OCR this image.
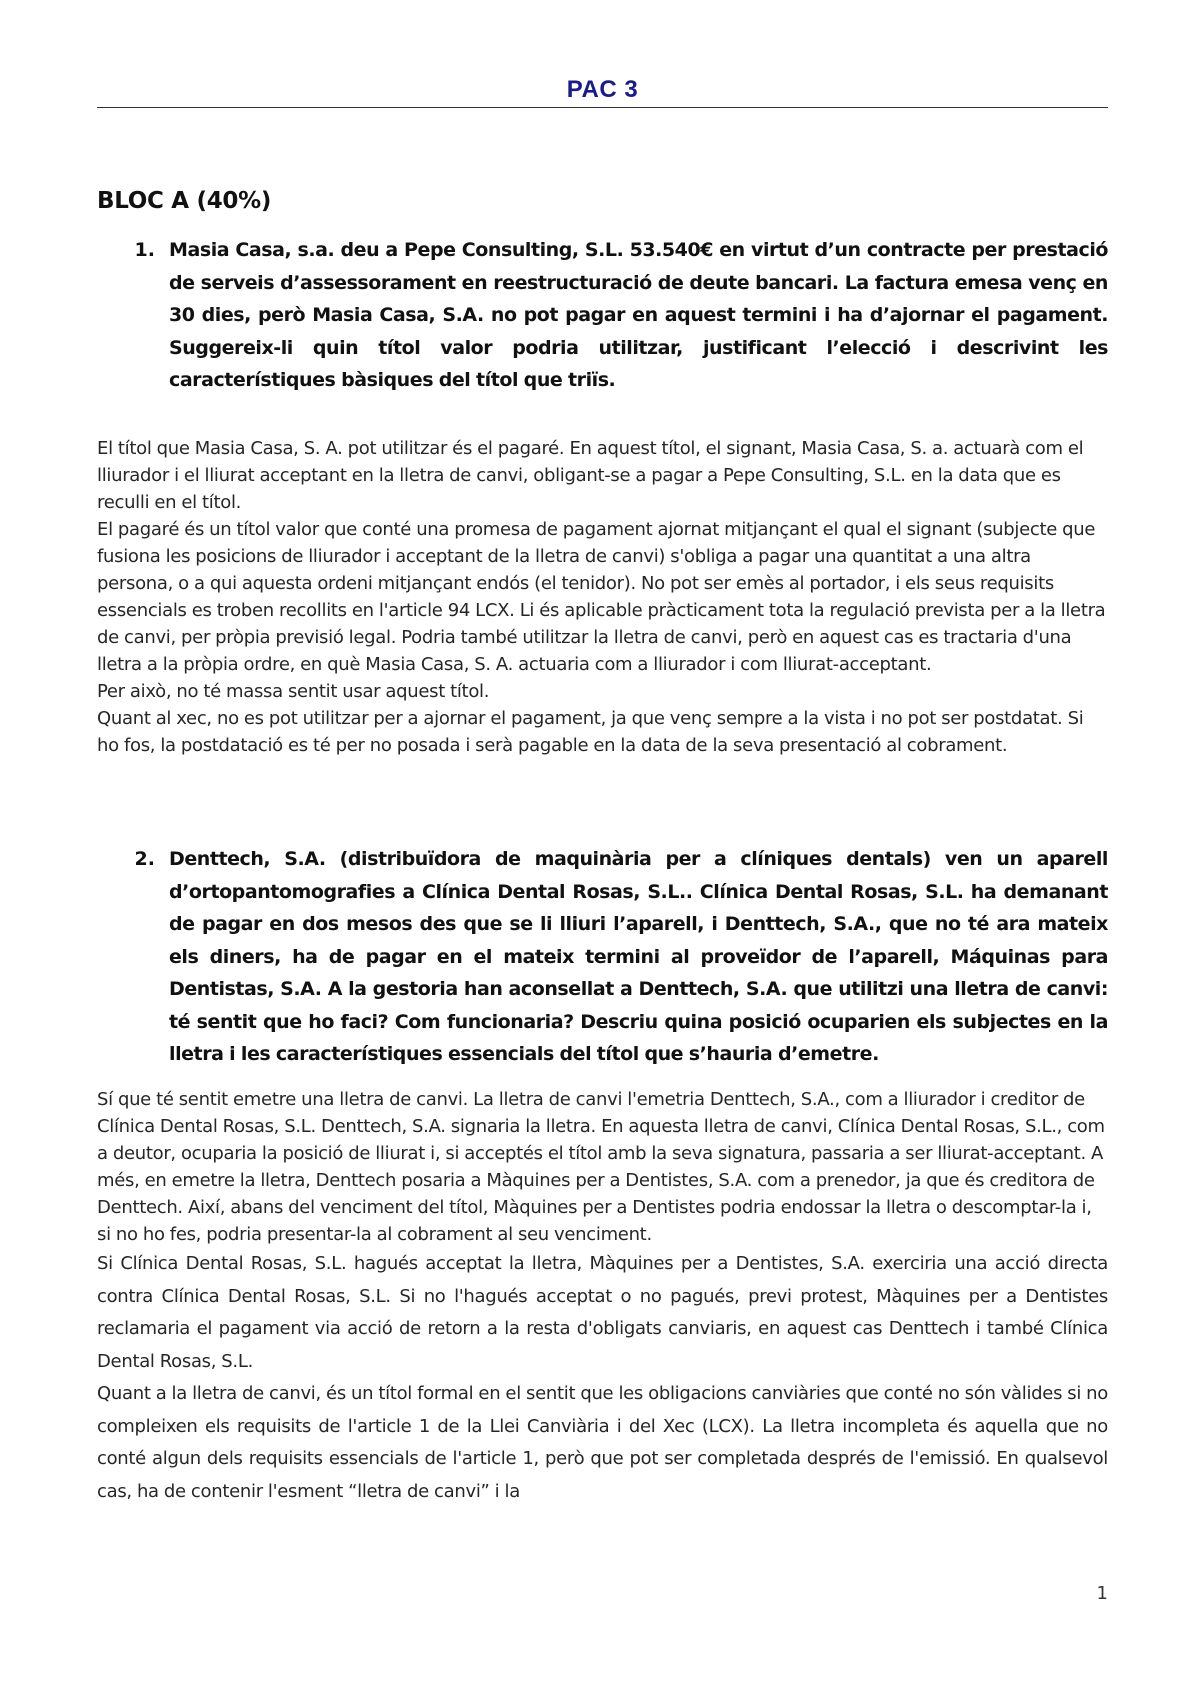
PAC 3
BLOC A (40%)
1. Masia Casa, s.a. deu a Pepe Consulting, S.L. 53.540€ en virtut d’un contracte per prestació de serveis d’assessorament en reestructuració de deute bancari. La factura emesa venç en 30 dies, però Masia Casa, S.A. no pot pagar en aquest termini i ha d’ajornar el pagament. Suggereix-li quin títol valor podria utilitzar, justificant l’elecció i descrivint les característiques bàsiques del títol que triïs.

El títol que Masia Casa, S. A. pot utilitzar és el pagaré. En aquest títol, el signant, Masia Casa, S. a. actuarà com el lliurador i el lliurat acceptant en la lletra de canvi, obligant-se a pagar a Pepe Consulting, S.L. en la data que es reculli en el títol.

El pagaré és un títol valor que conté una promesa de pagament ajornat mitjançant el qual el signant (subjecte que fusiona les posicions de lliurador i acceptant de la lletra de canvi) s'obliga a pagar una quantitat a una altra persona, o a qui aquesta ordeni mitjançant endós (el tenidor). No pot ser emès al portador, i els seus requisits essencials es troben recollits en l'article 94 LCX. Li és aplicable pràcticament tota la regulació prevista per a la lletra de canvi, per pròpia previsió legal. Podria també utilitzar la lletra de canvi, però en aquest cas es tractaria d'una lletra a la pròpia ordre, en què Masia Casa, S. A. actuaria com a lliurador i com lliurat-acceptant.

Per això, no té massa sentit usar aquest títol.

Quant al xec, no es pot utilitzar per a ajornar el pagament, ja que venç sempre a la vista i no pot ser postdatat. Si ho fos, la postdatació es té per no posada i serà pagable en la data de la seva presentació al cobrament.

2. Denttech, S.A. (distribuïdora de maquinària per a clíniques dentals) ven un aparell d’ortopantomografies a Clínica Dental Rosas, S.L.. Clínica Dental Rosas, S.L. ha demanant de pagar en dos mesos des que se li lliuri l’aparell, i Denttech, S.A., que no té ara mateix els diners, ha de pagar en el mateix termini al proveïdor de l’aparell, Máquinas para Dentistas, S.A. A la gestoria han aconsellat a Denttech, S.A. que utilitzi una lletra de canvi: té sentit que ho faci? Com funcionaria? Descriu quina posició ocuparien els subjectes en la lletra i les característiques essencials del títol que s’hauria d’emetre.

Sí que té sentit emetre una lletra de canvi. La lletra de canvi l'emetria Denttech, S.A., com a lliurador i creditor de Clínica Dental Rosas, S.L. Denttech, S.A. signaria la lletra. En aquesta lletra de canvi, Clínica Dental Rosas, S.L., com a deutor, ocuparia la posició de lliurat i, si acceptés el títol amb la seva signatura, passaria a ser lliurat-acceptant. A més, en emetre la lletra, Denttech posaria a Màquines per a Dentistes, S.A. com a prenedor, ja que és creditora de Denttech. Així, abans del venciment del títol, Màquines per a Dentistes podria endossar la lletra o descomptar-la i, si no ho fes, podria presentar-la al cobrament al seu venciment.

Si Clínica Dental Rosas, S.L. hagués acceptat la lletra, Màquines per a Dentistes, S.A. exerciria una acció directa contra Clínica Dental Rosas, S.L. Si no l'hagués acceptat o no pagués, previ protest, Màquines per a Dentistes reclamaria el pagament via acció de retorn a la resta d'obligats canviaris, en aquest cas Denttech i també Clínica Dental Rosas, S.L.

Quant a la lletra de canvi, és un títol formal en el sentit que les obligacions canviàries que conté no són vàlides si no compleixen els requisits de l'article 1 de la Llei Canviària i del Xec (LCX). La lletra incompleta és aquella que no conté algun dels requisits essencials de l'article 1, però que pot ser completada després de l'emissió. En qualsevol cas, ha de contenir l'esment “lletra de canvi” i la

1
